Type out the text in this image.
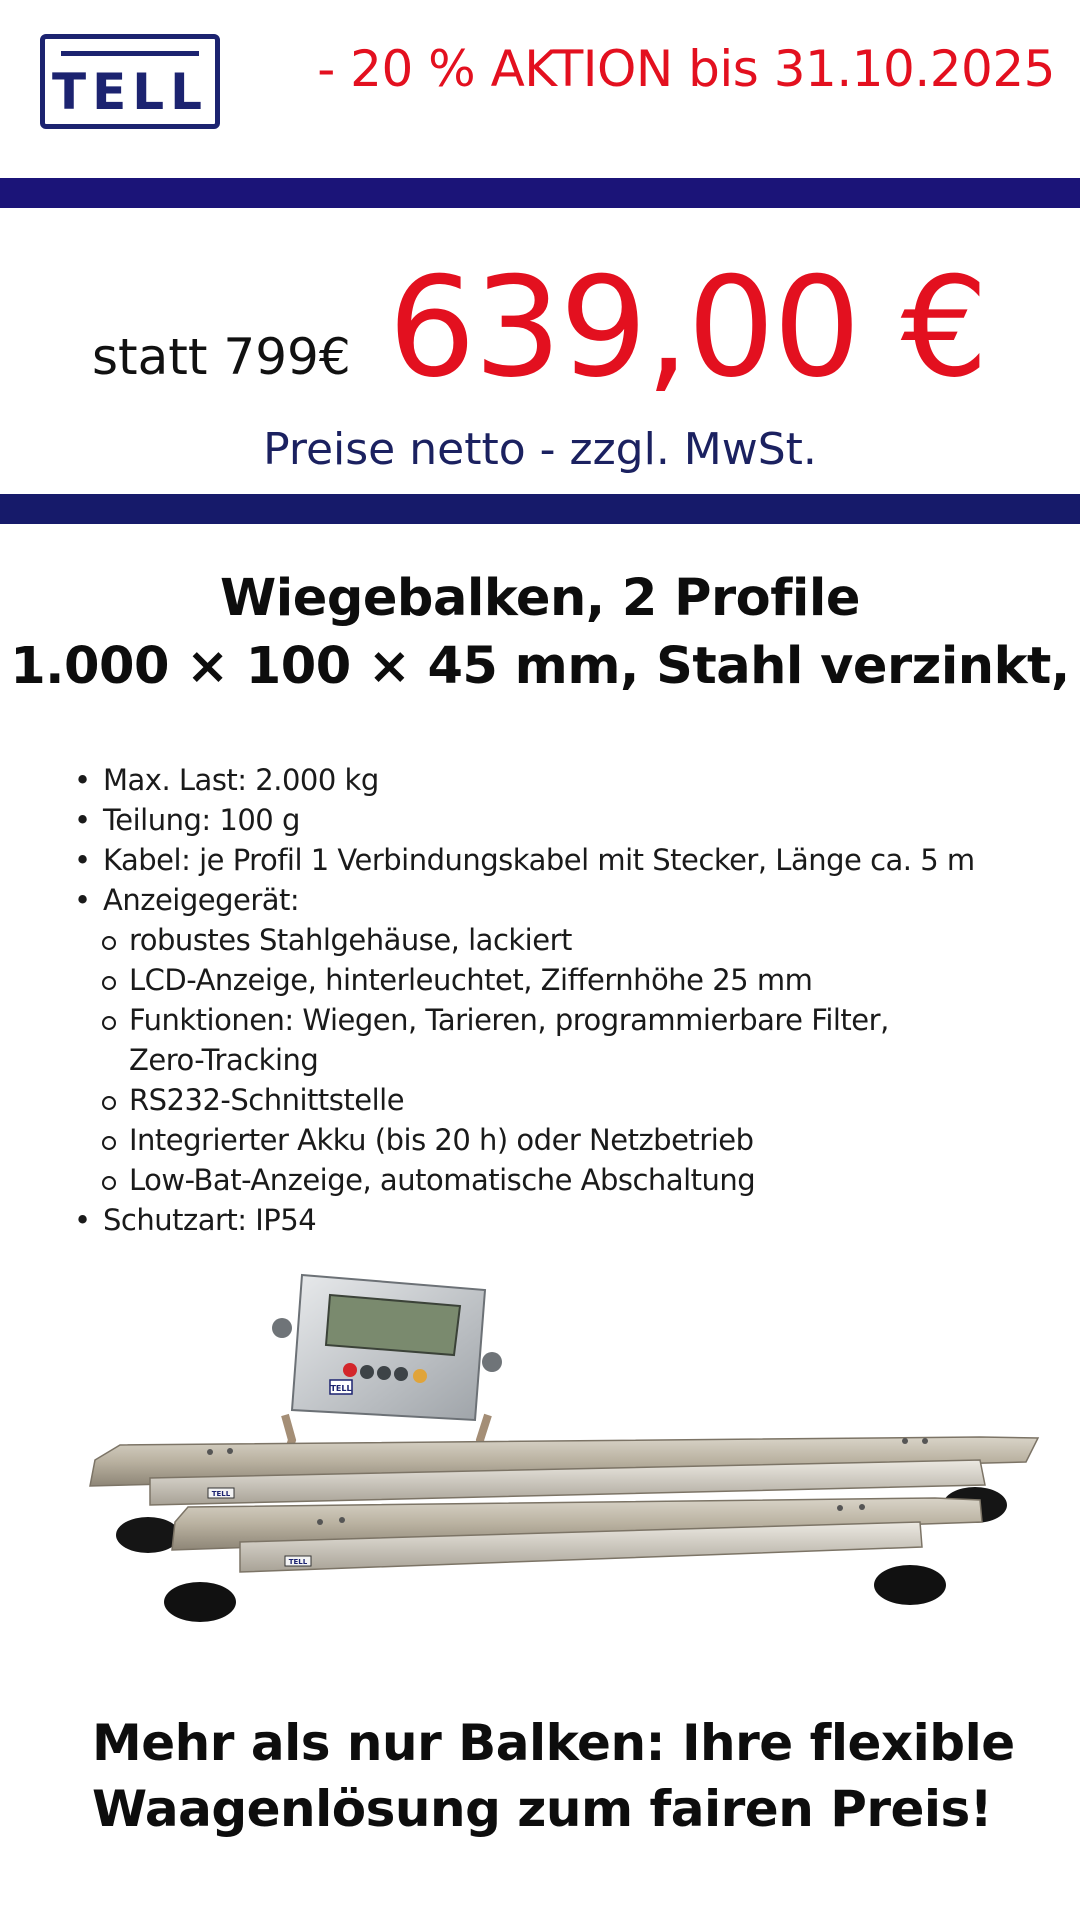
TELL - 20 % AKTION bis 31.10.2025
statt 799€ 639,00 €
Preise netto - zzgl. MwSt.
Wiegebalken, 2 Profile
1.000 × 100 × 45 mm, Stahl verzinkt,
• Max. Last: 2.000 kg
• Teilung: 100 g
• Kabel: je Profil 1 Verbindungskabel mit Stecker, Länge ca. 5 m
• Anzeigegerät:
robustes Stahlgehäuse, lackiert
LCD-Anzeige, hinterleuchtet, Ziffernhöhe 25 mm
Funktionen: Wiegen, Tarieren, programmierbare Filter,
Zero-Tracking
RS232-Schnittstelle
Integrierter Akku (bis 20 h) oder Netzbetrieb
Low-Bat-Anzeige, automatische Abschaltung
• Schutzart: IP54
TELL
TELL
TELL
Mehr als nur Balken: Ihre flexible
Waagenlösung zum fairen Preis!
